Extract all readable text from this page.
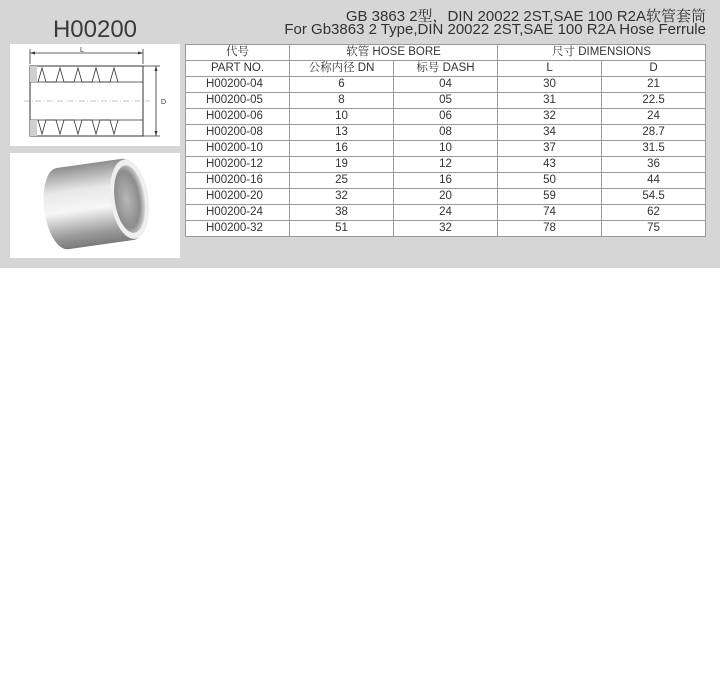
H00200	GB 3863 2型，DIN 20022 2ST,SAE 100 R2A软管套筒
For Gb3863 2 Type,DIN 20022 2ST,SAE 100 R2A Hose Ferrule
L
D
代号	软管 HOSE BORE		尺寸 DIMENSIONS	
PART NO.	公称内径 DN	标号 DASH	L	D
H00200-04	6	04	30	21
H00200-05	8	05	31	22.5
H00200-06	10	06	32	24
H00200-08	13	08	34	28.7
H00200-10	16	10	37	31.5
H00200-12	19	12	43	36
H00200-16	25	16	50	44
H00200-20	32	20	59	54.5
H00200-24	38	24	74	62
H00200-32	51	32	78	75
